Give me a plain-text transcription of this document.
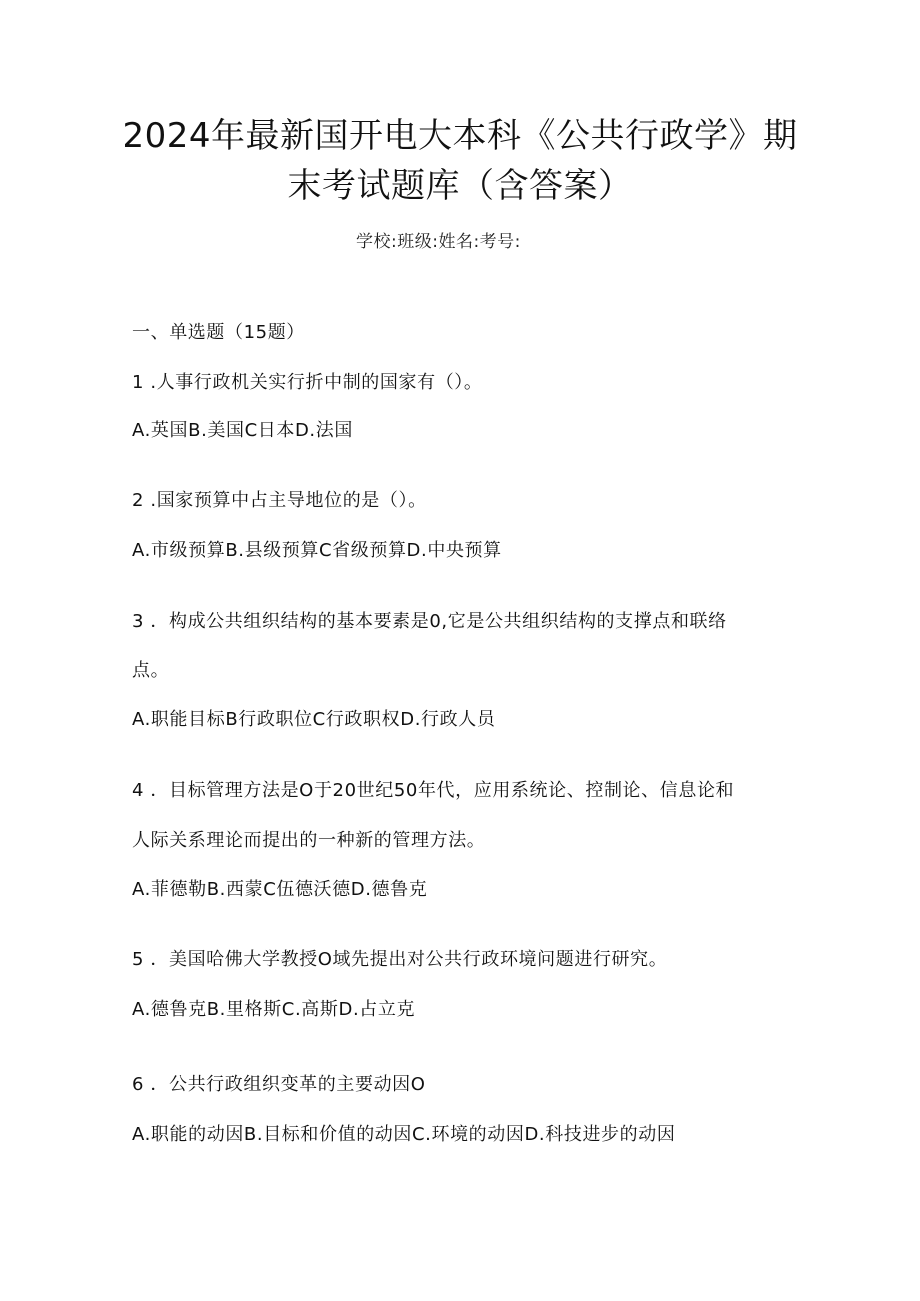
2024年最新国开电大本科《公共行政学》期
末考试题库（含答案）
学校:班级:姓名:考号:
一、单选题（15题）
1 .人事行政机关实行折中制的国家有（）。
A.英国B.美国C日本D.法国
2 .国家预算中占主导地位的是（）。
A.市级预算B.县级预算C省级预算D.中央预算
3 ．构成公共组织结构的基本要素是0,它是公共组织结构的支撑点和联络
点。
A.职能目标B行政职位C行政职权D.行政人员
4 ．目标管理方法是O于20世纪50年代，应用系统论、控制论、信息论和
人际关系理论而提出的一种新的管理方法。
A.菲德勒B.西蒙C伍德沃德D.德鲁克
5 ．美国哈佛大学教授O域先提出对公共行政环境问题进行研究。
A.德鲁克B.里格斯C.高斯D.占立克
6 ．公共行政组织变革的主要动因O
A.职能的动因B.目标和价值的动因C.环境的动因D.科技进步的动因
